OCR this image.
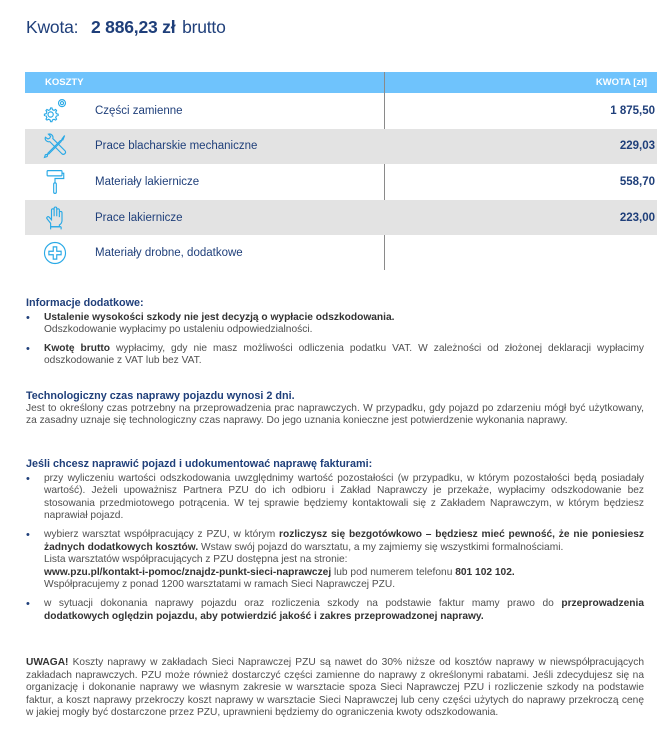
Kwota: 2 886,23 zł brutto
KOSZTY	KWOTA [zł]
Części zamienne	1 875,50
Prace blacharskie mechaniczne	229,03
Materiały lakiernicze	558,70
Prace lakiernicze	223,00
Materiały drobne, dodatkowe
Informacje dodatkowe:
• Ustalenie wysokości szkody nie jest decyzją o wypłacie odszkodowania.
Odszkodowanie wypłacimy po ustaleniu odpowiedzialności.
• Kwotę brutto wypłacimy, gdy nie masz możliwości odliczenia podatku VAT. W zależności od złożonej deklaracji wypłacimy odszkodowanie z VAT lub bez VAT.
Technologiczny czas naprawy pojazdu wynosi 2 dni.

Jest to określony czas potrzebny na przeprowadzenia prac naprawczych. W przypadku, gdy pojazd po zdarzeniu mógł być użytkowany, za zasadny uznaje się technologiczny czas naprawy. Do jego uznania konieczne jest potwierdzenie wykonania naprawy.

Jeśli chcesz naprawić pojazd i udokumentować naprawę fakturami:
• przy wyliczeniu wartości odszkodowania uwzględnimy wartość pozostałości (w przypadku, w którym pozostałości będą posiadały wartość). Jeżeli upoważnisz Partnera PZU do ich odbioru i Zakład Naprawczy je przekaże, wypłacimy odszkodowanie bez stosowania przedmiotowego potrącenia. W tej sprawie będziemy kontaktowali się z Zakładem Naprawczym, w którym będziesz naprawiał pojazd.
• wybierz warsztat współpracujący z PZU, w którym rozliczysz się bezgotówkowo – będziesz mieć pewność, że nie poniesiesz żadnych dodatkowych kosztów. Wstaw swój pojazd do warsztatu, a my zajmiemy się wszystkimi formalnościami.
Lista warsztatów współpracujących z PZU dostępna jest na stronie:
www.pzu.pl/kontakt-i-pomoc/znajdz-punkt-sieci-naprawczej lub pod numerem telefonu 801 102 102.
Współpracujemy z ponad 1200 warsztatami w ramach Sieci Naprawczej PZU.
• w sytuacji dokonania naprawy pojazdu oraz rozliczenia szkody na podstawie faktur mamy prawo do przeprowadzenia dodatkowych oględzin pojazdu, aby potwierdzić jakość i zakres przeprowadzonej naprawy.

UWAGA! Koszty naprawy w zakładach Sieci Naprawczej PZU są nawet do 30% niższe od kosztów naprawy w niewspółpracujących zakładach naprawczych. PZU może również dostarczyć części zamienne do naprawy z określonymi rabatami. Jeśli zdecydujesz się na organizację i dokonanie naprawy we własnym zakresie w warsztacie spoza Sieci Naprawczej PZU i rozliczenie szkody na podstawie faktur, a koszt naprawy przekroczy koszt naprawy w warsztacie Sieci Naprawczej lub ceny części użytych do naprawy przekroczą cenę w jakiej mogły być dostarczone przez PZU, uprawnieni będziemy do ograniczenia kwoty odszkodowania.
